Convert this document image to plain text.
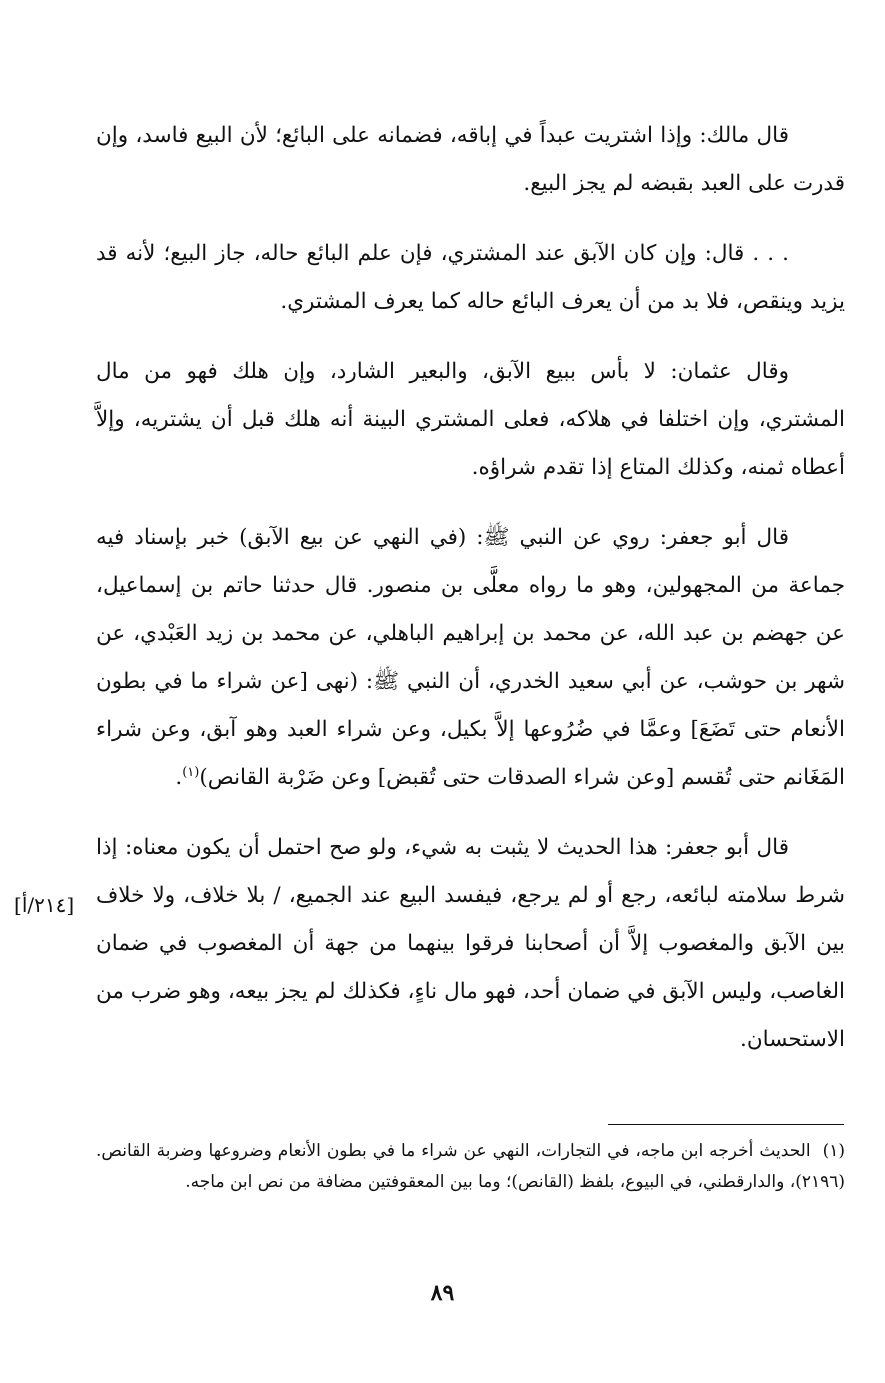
قال مالك: وإذا اشتريت عبداً في إباقه، فضمانه على البائع؛ لأن البيع فاسد، وإن قدرت على العبد بقبضه لم يجز البيع.

. . . قال: وإن كان الآبق عند المشتري، فإن علم البائع حاله، جاز البيع؛ لأنه قد يزيد وينقص، فلا بد من أن يعرف البائع حاله كما يعرف المشتري.

وقال عثمان: لا بأس ببيع الآبق، والبعير الشارد، وإن هلك فهو من مال المشتري، وإن اختلفا في هلاكه، فعلى المشتري البينة أنه هلك قبل أن يشتريه، وإلاَّ أعطاه ثمنه، وكذلك المتاع إذا تقدم شراؤه.

قال أبو جعفر: روي عن النبي ﷺ: (في النهي عن بيع الآبق) خبر بإسناد فيه جماعة من المجهولين، وهو ما رواه معلَّى بن منصور. قال حدثنا حاتم بن إسماعيل، عن جهضم بن عبد الله، عن محمد بن إبراهيم الباهلي، عن محمد بن زيد العَبْدي، عن شهر بن حوشب، عن أبي سعيد الخدري، أن النبي ﷺ: (نهى [عن شراء ما في بطون الأنعام حتى تَضَعَ] وعمَّا في ضُرُوعها إلاَّ بكيل، وعن شراء العبد وهو آبق، وعن شراء المَغَانم حتى تُقسم [وعن شراء الصدقات حتى تُقبض] وعن ضَرْبة القانص)$^{(١)}$.

قال أبو جعفر: هذا الحديث لا يثبت به شيء، ولو صح احتمل أن يكون معناه: إذا شرط سلامته لبائعه، رجع أو لم يرجع، فيفسد البيع عند الجميع، / بلا خلاف، ولا خلاف بين الآبق والمغصوب إلاَّ أن أصحابنا فرقوا بينهما من جهة أن المغصوب في ضمان الغاصب، وليس الآبق في ضمان أحد، فهو مال ناءٍ، فكذلك لم يجز بيعه، وهو ضرب من الاستحسان.

[٢١٤/أ]

(١)الحديث أخرجه ابن ماجه، في التجارات، النهي عن شراء ما في بطون الأنعام وضروعها وضربة القانص. (٢١٩٦)، والدارقطني، في البيوع، بلفظ (القانص)؛ وما بين المعقوفتين مضافة من نص ابن ماجه.

٨٩
